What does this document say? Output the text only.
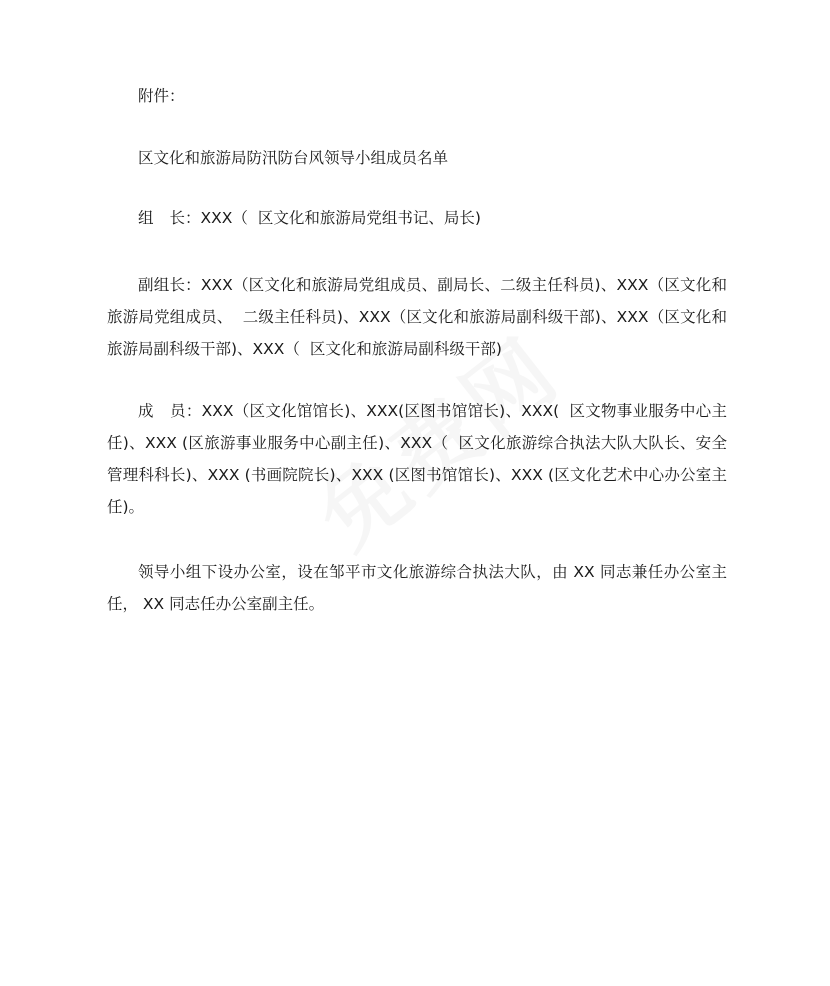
附件：

区文化和旅游局防汛防台风领导小组成员名单

组 长：XXX（ 区文化和旅游局党组书记、局长)

副组长：XXX（区文化和旅游局党组成员、副局长、二级主任科员)、XXX（区文化和旅游局党组成员、 二级主任科员)、XXX（区文化和旅游局副科级干部)、XXX（区文化和旅游局副科级干部)、XXX（ 区文化和旅游局副科级干部)

成 员：XXX（区文化馆馆长)、XXX(区图书馆馆长)、XXX( 区文物事业服务中心主任)、XXX (区旅游事业服务中心副主任)、XXX（ 区文化旅游综合执法大队大队长、安全管理科科长)、XXX (书画院院长)、XXX (区图书馆馆长)、XXX (区文化艺术中心办公室主任)。

领导小组下设办公室，设在邹平市文化旅游综合执法大队，由 XX 同志兼任办公室主任， XX 同志任办公室副主任。
